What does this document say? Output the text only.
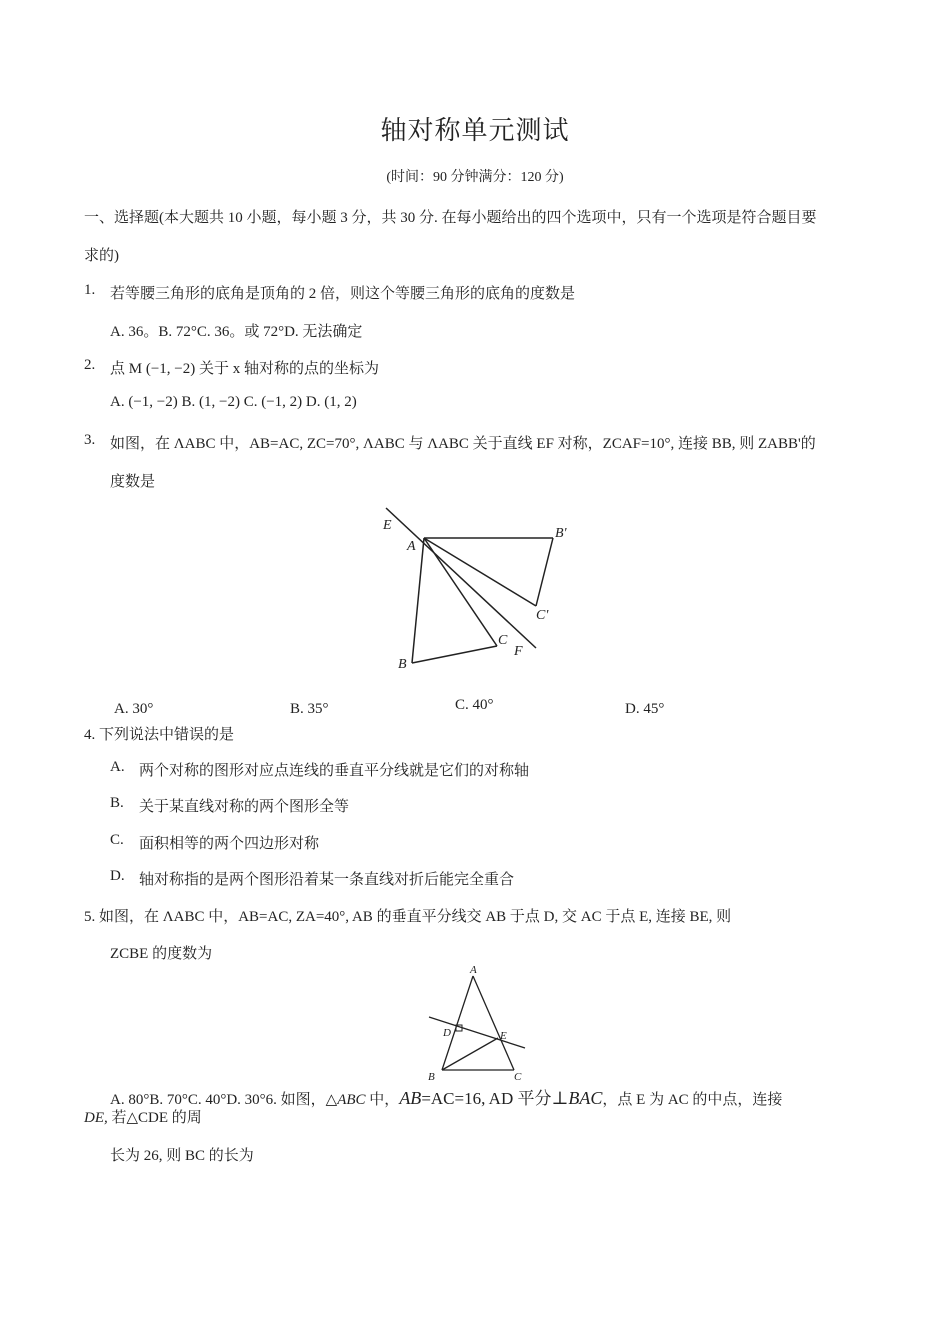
轴对称单元测试
(时间：90 分钟满分：120 分)
一、选择题(本大题共 10 小题，每小题 3 分，共 30 分. 在每小题给出的四个选项中，只有一个选项是符合题目要
求的)
1. 若等腰三角形的底角是顶角的 2 倍，则这个等腰三角形的底角的度数是
A. 36。B. 72°C. 36。或 72°D. 无法确定
2. 点 M (−1, −2) 关于 x 轴对称的点的坐标为
A. (−1, −2) B. (1, −2) C. (−1, 2) D. (1, 2)
3. 如图，在 ΛABC 中，AB=AC, ZC=70°, ΛABC 与 ΛABC 关于直线 EF 对称，ZCAF=10°, 连接 BB, 则 ZABB'的
度数是
E
A
B'
C'
C
F
B
A. 30°	B. 35°	C. 40°	D. 45°
4. 下列说法中错误的是
A. 两个对称的图形对应点连线的垂直平分线就是它们的对称轴
B. 关于某直线对称的两个图形全等
C. 面积相等的两个四边形对称
D. 轴对称指的是两个图形沿着某一条直线对折后能完全重合
5. 如图，在 ΛABC 中，AB=AC, ZA=40°, AB 的垂直平分线交 AB 于点 D, 交 AC 于点 E, 连接 BE, 则
ZCBE 的度数为
A
D	E
B	C
A. 80°B. 70°C. 40°D. 30°6. 如图，△ABC 中，AB=AC=16, AD 平分⊥BAC，点 E 为 AC 的中点，连接
DE, 若△CDE 的周
长为 26, 则 BC 的长为
